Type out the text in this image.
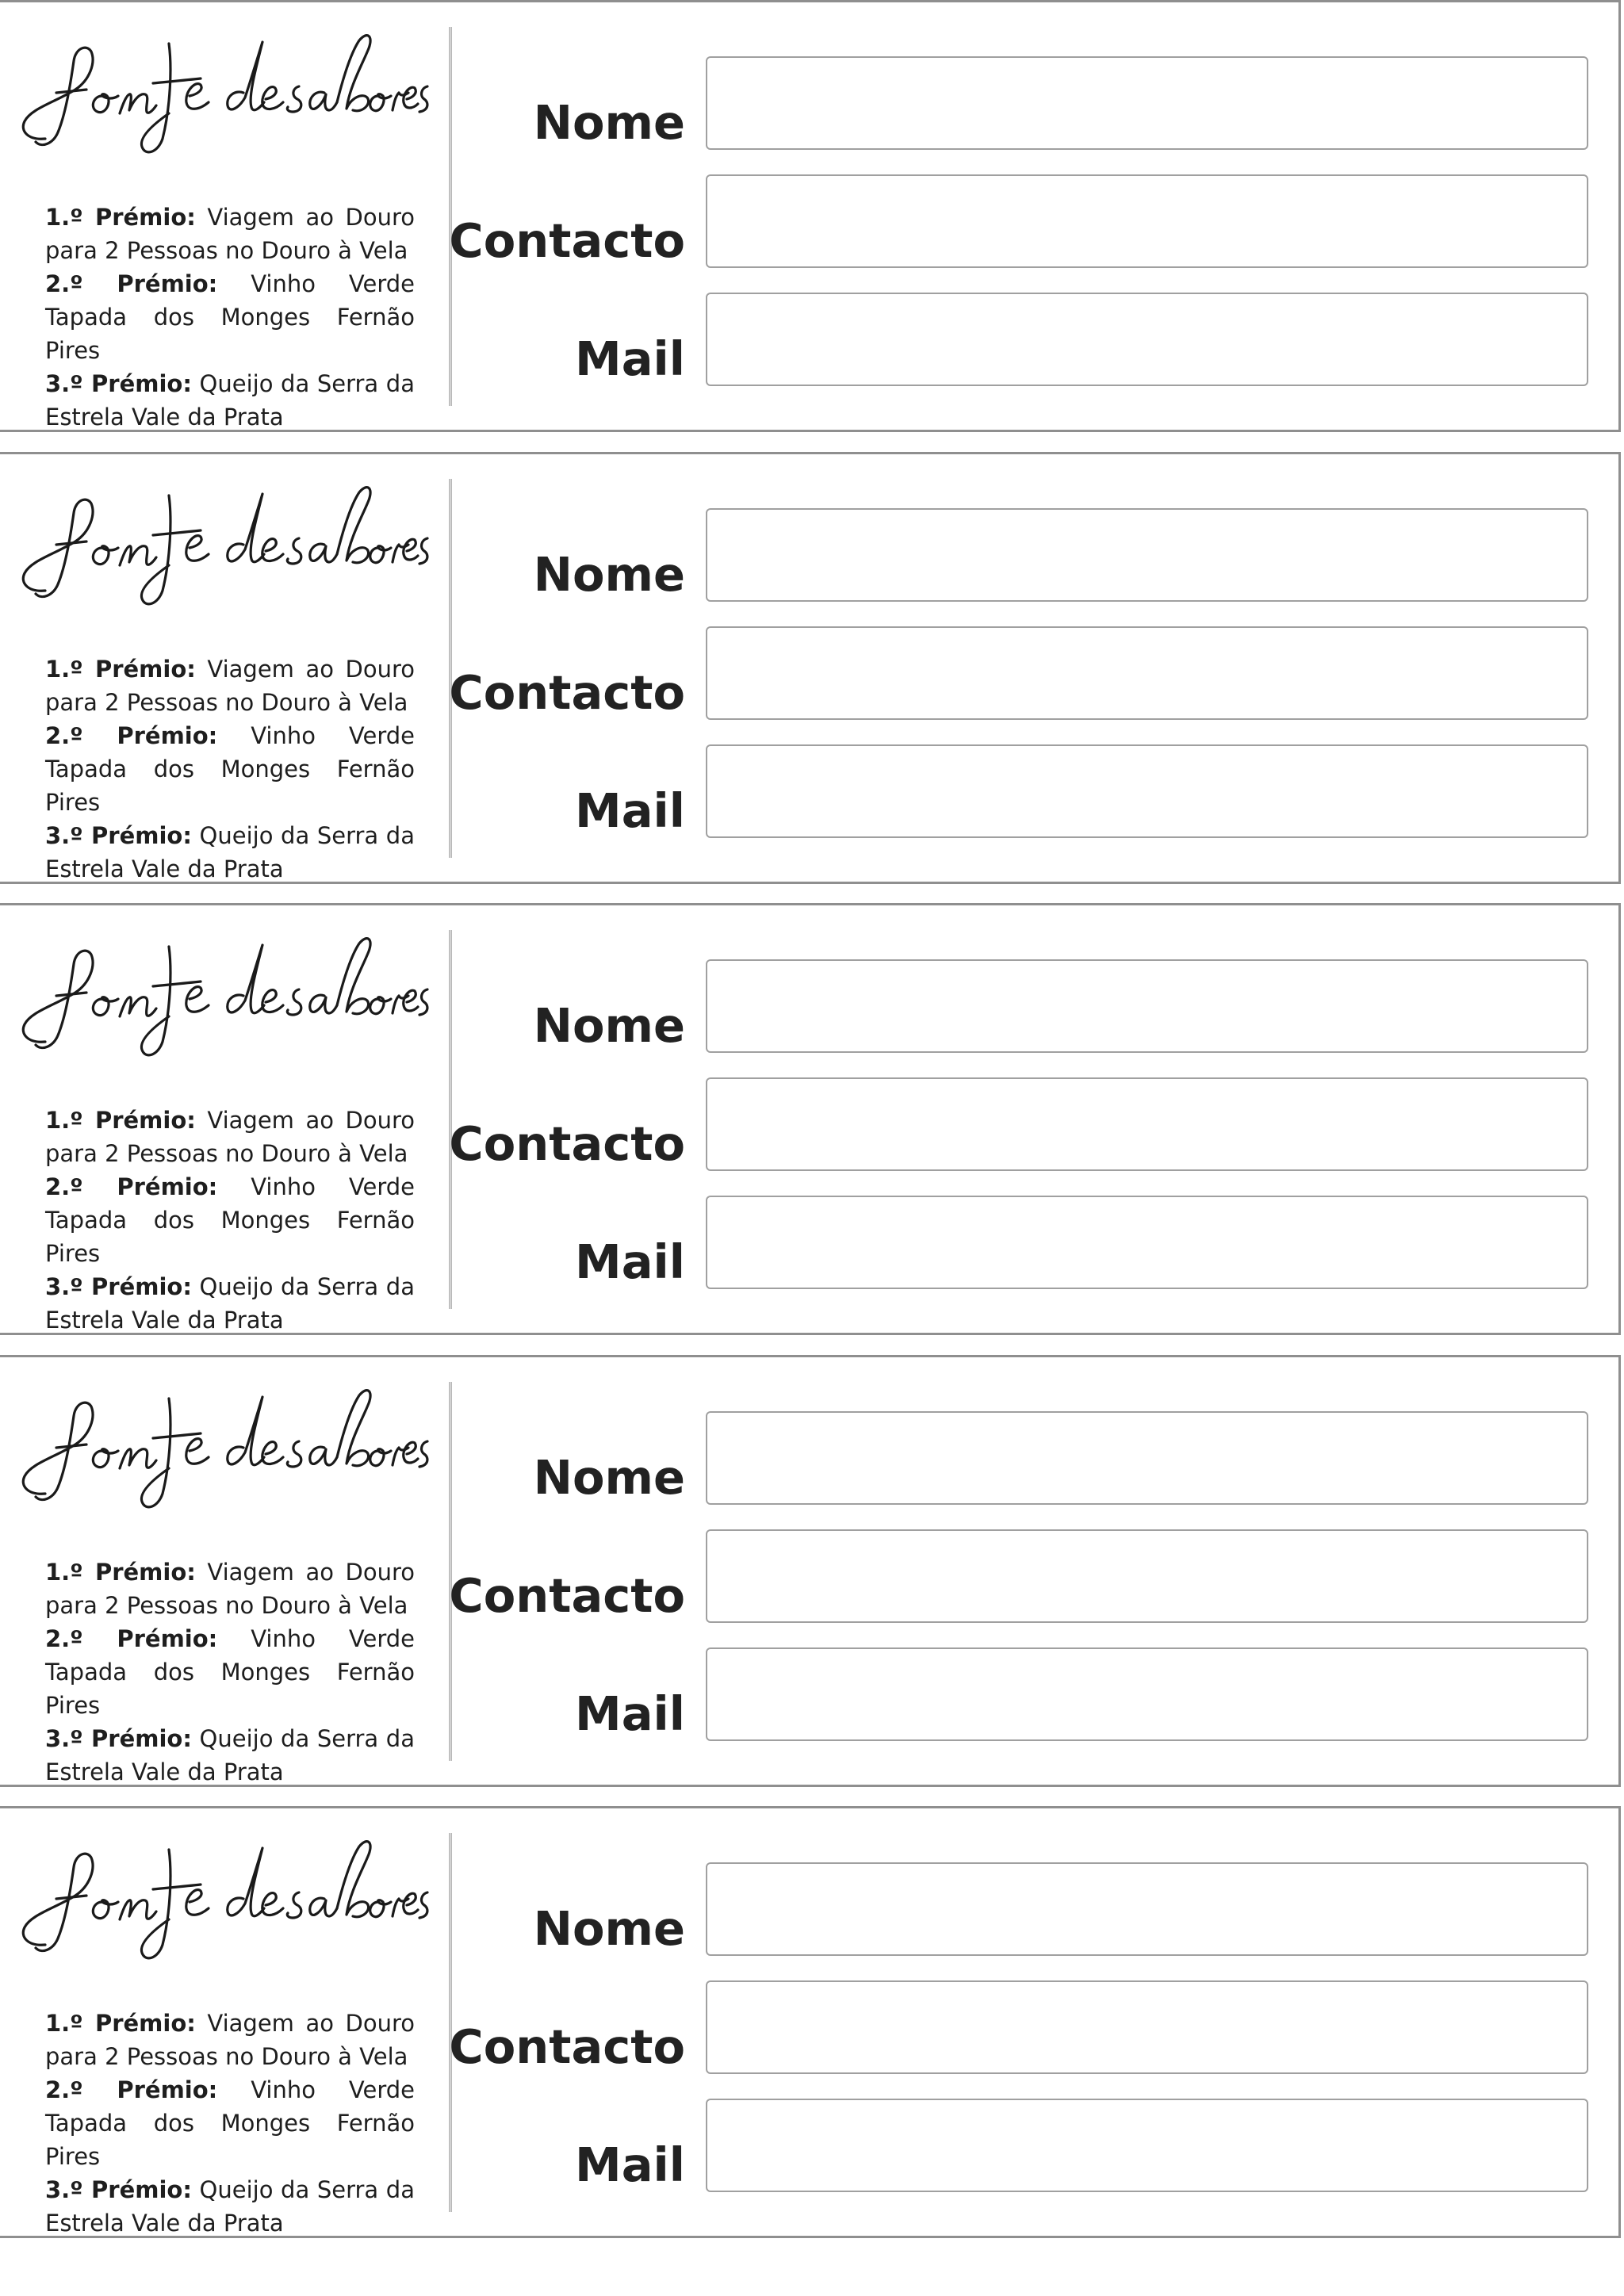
1.º Prémio: Viagem ao Douro para 2 Pessoas no Douro à Vela
2.º Prémio: Vinho Verde Tapada dos Monges Fernão Pires
3.º Prémio: Queijo da Serra da Estrela Vale da Prata
Nome
Contacto
Mail
1.º Prémio: Viagem ao Douro para 2 Pessoas no Douro à Vela
2.º Prémio: Vinho Verde Tapada dos Monges Fernão Pires
3.º Prémio: Queijo da Serra da Estrela Vale da Prata
Nome
Contacto
Mail
1.º Prémio: Viagem ao Douro para 2 Pessoas no Douro à Vela
2.º Prémio: Vinho Verde Tapada dos Monges Fernão Pires
3.º Prémio: Queijo da Serra da Estrela Vale da Prata
Nome
Contacto
Mail
1.º Prémio: Viagem ao Douro para 2 Pessoas no Douro à Vela
2.º Prémio: Vinho Verde Tapada dos Monges Fernão Pires
3.º Prémio: Queijo da Serra da Estrela Vale da Prata
Nome
Contacto
Mail
1.º Prémio: Viagem ao Douro para 2 Pessoas no Douro à Vela
2.º Prémio: Vinho Verde Tapada dos Monges Fernão Pires
3.º Prémio: Queijo da Serra da Estrela Vale da Prata
Nome
Contacto
Mail
